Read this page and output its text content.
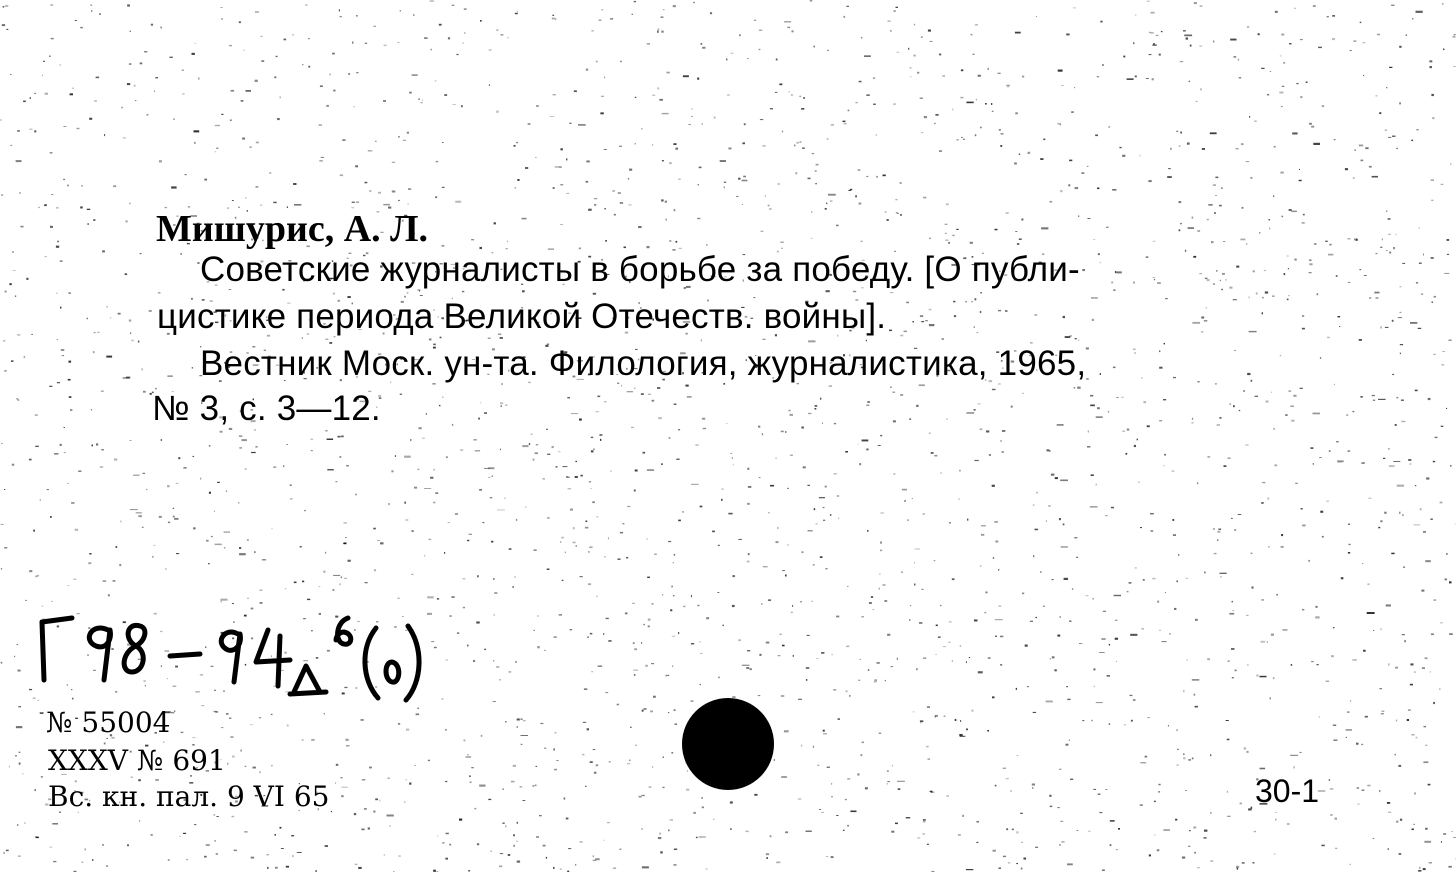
Мишурис, А. Л.
Советские журналисты в борьбе за победу. [О публи-
цистике периода Великой Отечеств. войны].
Вестник Моск. ун-та. Филология, журналистика, 1965,
№ 3, с. 3—12.
№ 55004
XXXV № 691
Вс. кн. пал. 9 VI 65	30-1
